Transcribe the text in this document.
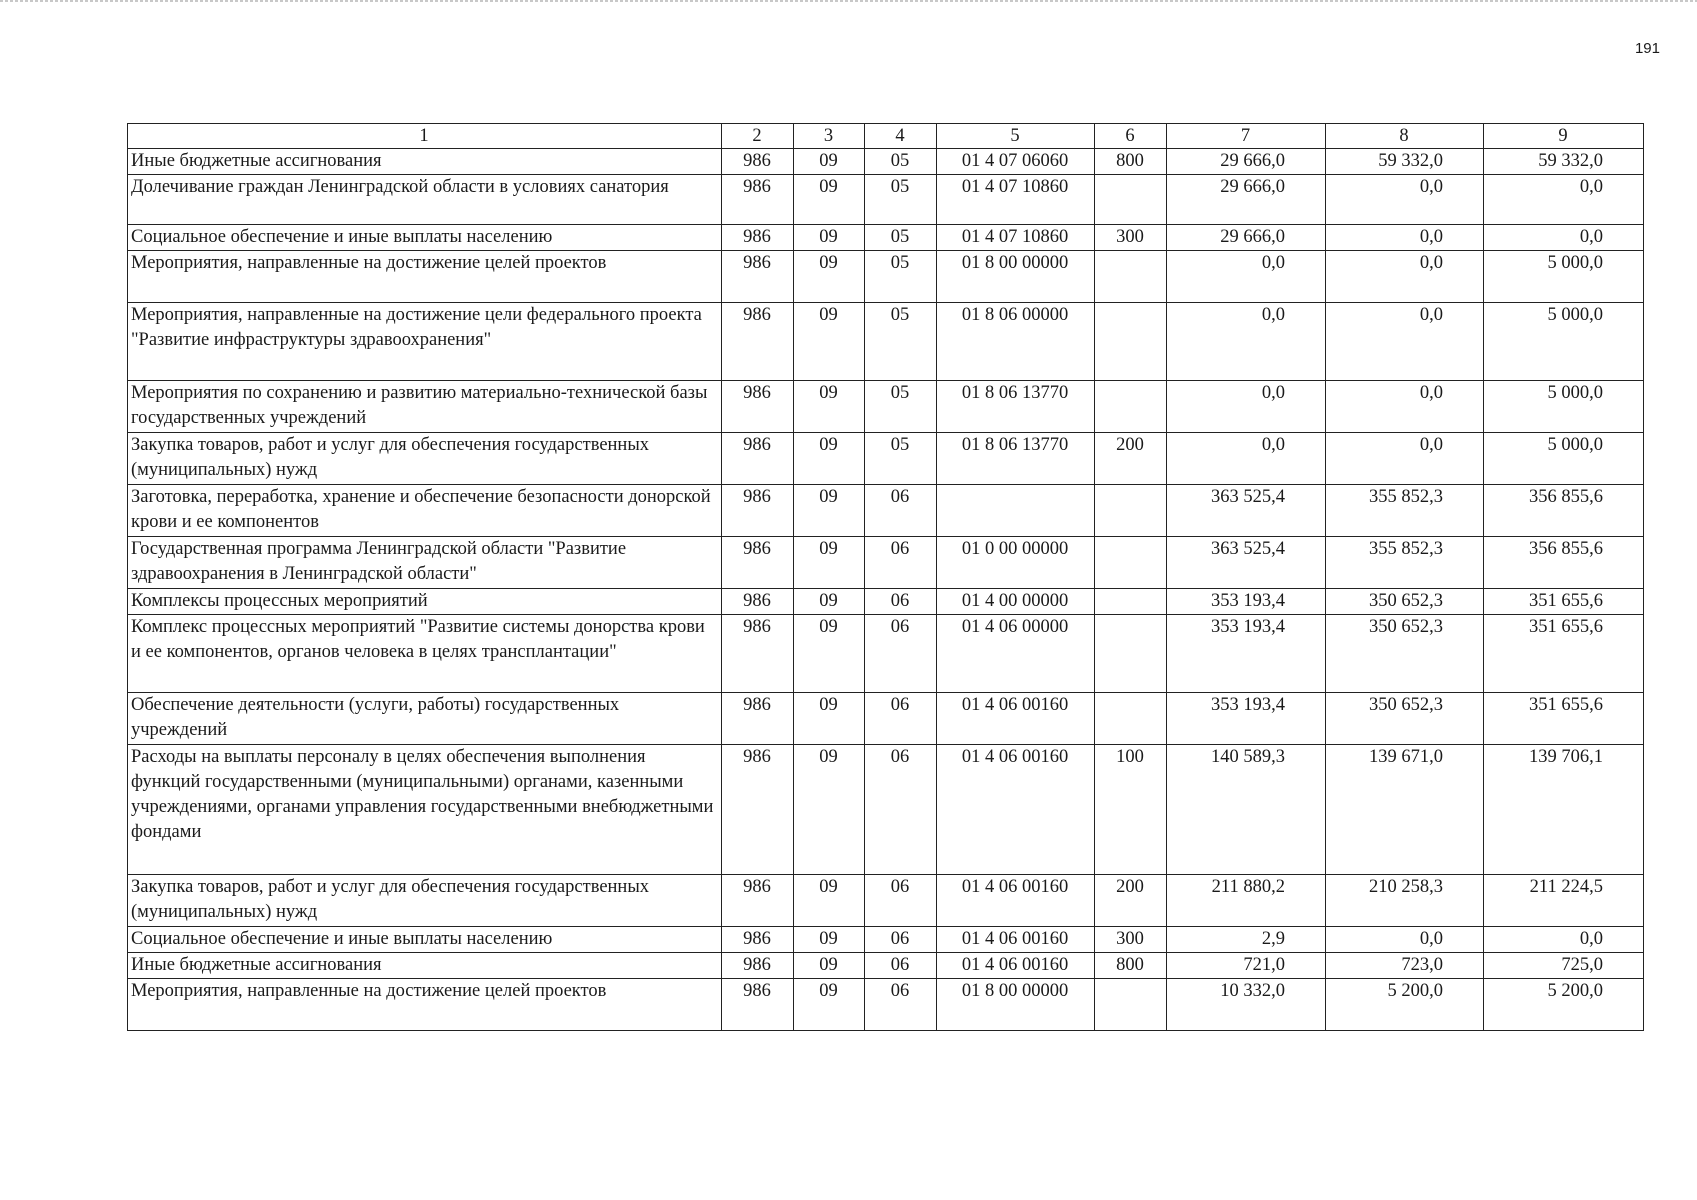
191
1	2	3	4	5	6	7	8	9
Иные бюджетные ассигнования	986	09	05	01 4 07 06060	800	29 666,0	59 332,0	59 332,0
Долечивание граждан Ленинградской области в условиях санатория	986	09	05	01 4 07 10860		29 666,0	0,0	0,0
Социальное обеспечение и иные выплаты населению	986	09	05	01 4 07 10860	300	29 666,0	0,0	0,0
Мероприятия, направленные на достижение целей проектов	986	09	05	01 8 00 00000		0,0	0,0	5 000,0
Мероприятия, направленные на достижение цели федерального проекта "Развитие инфраструктуры здравоохранения"	986	09	05	01 8 06 00000		0,0	0,0	5 000,0
Мероприятия по сохранению и развитию материально-технической базы государственных учреждений	986	09	05	01 8 06 13770		0,0	0,0	5 000,0
Закупка товаров, работ и услуг для обеспечения государственных (муниципальных) нужд	986	09	05	01 8 06 13770	200	0,0	0,0	5 000,0
Заготовка, переработка, хранение и обеспечение безопасности донорской крови и ее компонентов	986	09	06			363 525,4	355 852,3	356 855,6
Государственная программа Ленинградской области "Развитие здравоохранения в Ленинградской области"	986	09	06	01 0 00 00000		363 525,4	355 852,3	356 855,6
Комплексы процессных мероприятий	986	09	06	01 4 00 00000		353 193,4	350 652,3	351 655,6
Комплекс процессных мероприятий "Развитие системы донорства крови и ее компонентов, органов человека в целях трансплантации"	986	09	06	01 4 06 00000		353 193,4	350 652,3	351 655,6
Обеспечение деятельности (услуги, работы) государственных учреждений	986	09	06	01 4 06 00160		353 193,4	350 652,3	351 655,6
Расходы на выплаты персоналу в целях обеспечения выполнения функций государственными (муниципальными) органами, казенными учреждениями, органами управления государственными внебюджетными фондами	986	09	06	01 4 06 00160	100	140 589,3	139 671,0	139 706,1
Закупка товаров, работ и услуг для обеспечения государственных (муниципальных) нужд	986	09	06	01 4 06 00160	200	211 880,2	210 258,3	211 224,5
Социальное обеспечение и иные выплаты населению	986	09	06	01 4 06 00160	300	2,9	0,0	0,0
Иные бюджетные ассигнования	986	09	06	01 4 06 00160	800	721,0	723,0	725,0
Мероприятия, направленные на достижение целей проектов	986	09	06	01 8 00 00000		10 332,0	5 200,0	5 200,0
